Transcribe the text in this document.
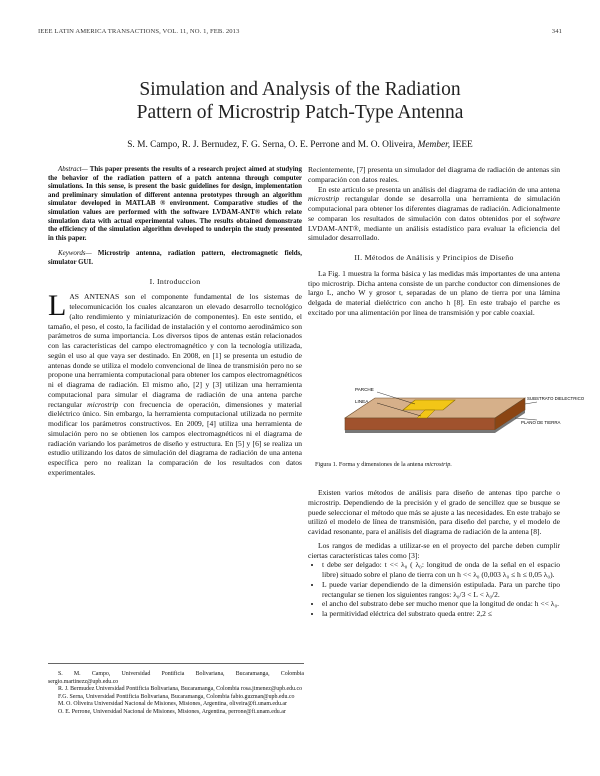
IEEE LATIN AMERICA TRANSACTIONS, VOL. 11, NO. 1, FEB. 2013	341
Simulation and Analysis of the Radiation
Pattern of Microstrip Patch-Type Antenna
S. M. Campo, R. J. Bernudez, F. G. Serna, O. E. Perrone and M. O. Oliveira, Member, IEEE

Abstract— This paper presents the results of a research project aimed at studying the behavior of the radiation pattern of a patch antenna through computer simulations. In this sense, is present the basic guidelines for design, implementation and preliminary simulation of different antenna prototypes through an algorithm simulator developed in MATLAB ® environment. Comparative studies of the simulation values are performed with the software LVDAM-ANT® which relate simulation data with actual experimental values. The results obtained demonstrate the efficiency of the simulation algorithm developed to underpin the study presented in this paper.

Keywords— Microstrip antenna, radiation pattern, electromagnetic fields, simulator GUI.

I. Introduccion

LAS ANTENAS son el componente fundamental de los sistemas de telecomunicación los cuales alcanzaron un elevado desarrollo tecnológico (alto rendimiento y miniaturización de componentes). En este sentido, el tamaño, el peso, el costo, la facilidad de instalación y el contorno aerodinámico son parámetros de suma importancia. Los diversos tipos de antenas están relacionados con las características del campo electromagnético y con la tecnología utilizada, según el uso al que vaya ser destinado. En 2008, en [1] se presenta un estudio de antenas donde se utiliza el modelo convencional de línea de transmisión pero no se propone una herramienta computacional para obtener los campos electromagnéticos ni el diagrama de radiación. El mismo año, [2] y [3] utilizan una herramienta computacional para simular el diagrama de radiación de una antena parche rectangular microstrip con frecuencia de operación, dimensiones y material dieléctrico único. Sin embargo, la herramienta computacional utilizada no permite modificar los parámetros constructivos. En 2009, [4] utiliza una herramienta de simulación pero no se obtienen los campos electromagnéticos ni el diagrama de radiación variando los parámetros de diseño y estructura. En [5] y [6] se realiza un estudio utilizando los datos de simulación del diagrama de radiación de una antena específica pero no realizan la comparación de los resultados con datos experimentales.

S. M. Campo, Universidad Pontificia Bolivariana, Bucaramanga, Colombia sergio.martinezz@upb.edu.co

R. J. Bermudez Universidad Pontificia Bolivariana, Bucaramanga, Colombia rosa.jimenez@upb.edu.co

F.G. Serna, Universidad Pontificia Bolivariana, Bucaramanga, Colombia fabio.guzman@upb.edu.co

M. O. Oliveira Universidad Nacional de Misiones, Misiones, Argentina, oliveira@fi.unam.edu.ar

O. E. Perrone, Universidad Nacional de Misiones, Misiones, Argentina, perrone@fi.unam.edu.ar

Recientemente, [7] presenta un simulador del diagrama de radiación de antenas sin comparación con datos reales.

En este artículo se presenta un análisis del diagrama de radiación de una antena microstrip rectangular donde se desarrolla una herramienta de simulación computacional para obtener los diferentes diagramas de radiación. Adicionalmente se comparan los resultados de simulación con datos obtenidos por el software LVDAM-ANT®, mediante un análisis estadístico para evaluar la eficiencia del simulador desarrollado.

II. Métodos de Análisis y Principios de Diseño

La Fig. 1 muestra la forma básica y las medidas más importantes de una antena tipo microstrip. Dicha antena consiste de un parche conductor con dimensiones de largo L, ancho W y grosor t, separadas de un plano de tierra por una lámina delgada de material dieléctrico con ancho h [8]. En este trabajo el parche es excitado por una alimentación por línea de transmisión y por cable coaxial.

PARCHE
LINEA
SUBSTRATO DIELECTRICO
PLANO DE TIERRA
Figura 1. Forma y dimensiones de la antena microstrip.

Existen varios métodos de análisis para diseño de antenas tipo parche o microstrip. Dependiendo de la precisión y el grado de sencillez que se busque se puede seleccionar el método que más se ajuste a las necesidades. En este trabajo se utilizó el modelo de línea de transmisión, para diseño del parche, y el modelo de cavidad resonante, para el análisis del diagrama de radiación de la antena [8].

Los rangos de medidas a utilizar-se en el proyecto del parche deben cumplir ciertas características tales como [3]:

• t debe ser delgado: t << λ₀ ( λ₀: longitud de onda de la señal en el espacio libre) situado sobre el plano de tierra con un h << λ₀ (0,003 λ₀ ≤ h ≤ 0,05 λ₀).
• L puede variar dependiendo de la dimensión estipulada. Para un parche tipo rectangular se tienen los siguientes rangos: λ₀/3 < L < λ₀/2.
• el ancho del substrato debe ser mucho menor que la longitud de onda: h << λ₀.
• la permitividad eléctrica del substrato queda entre: 2,2 ≤
